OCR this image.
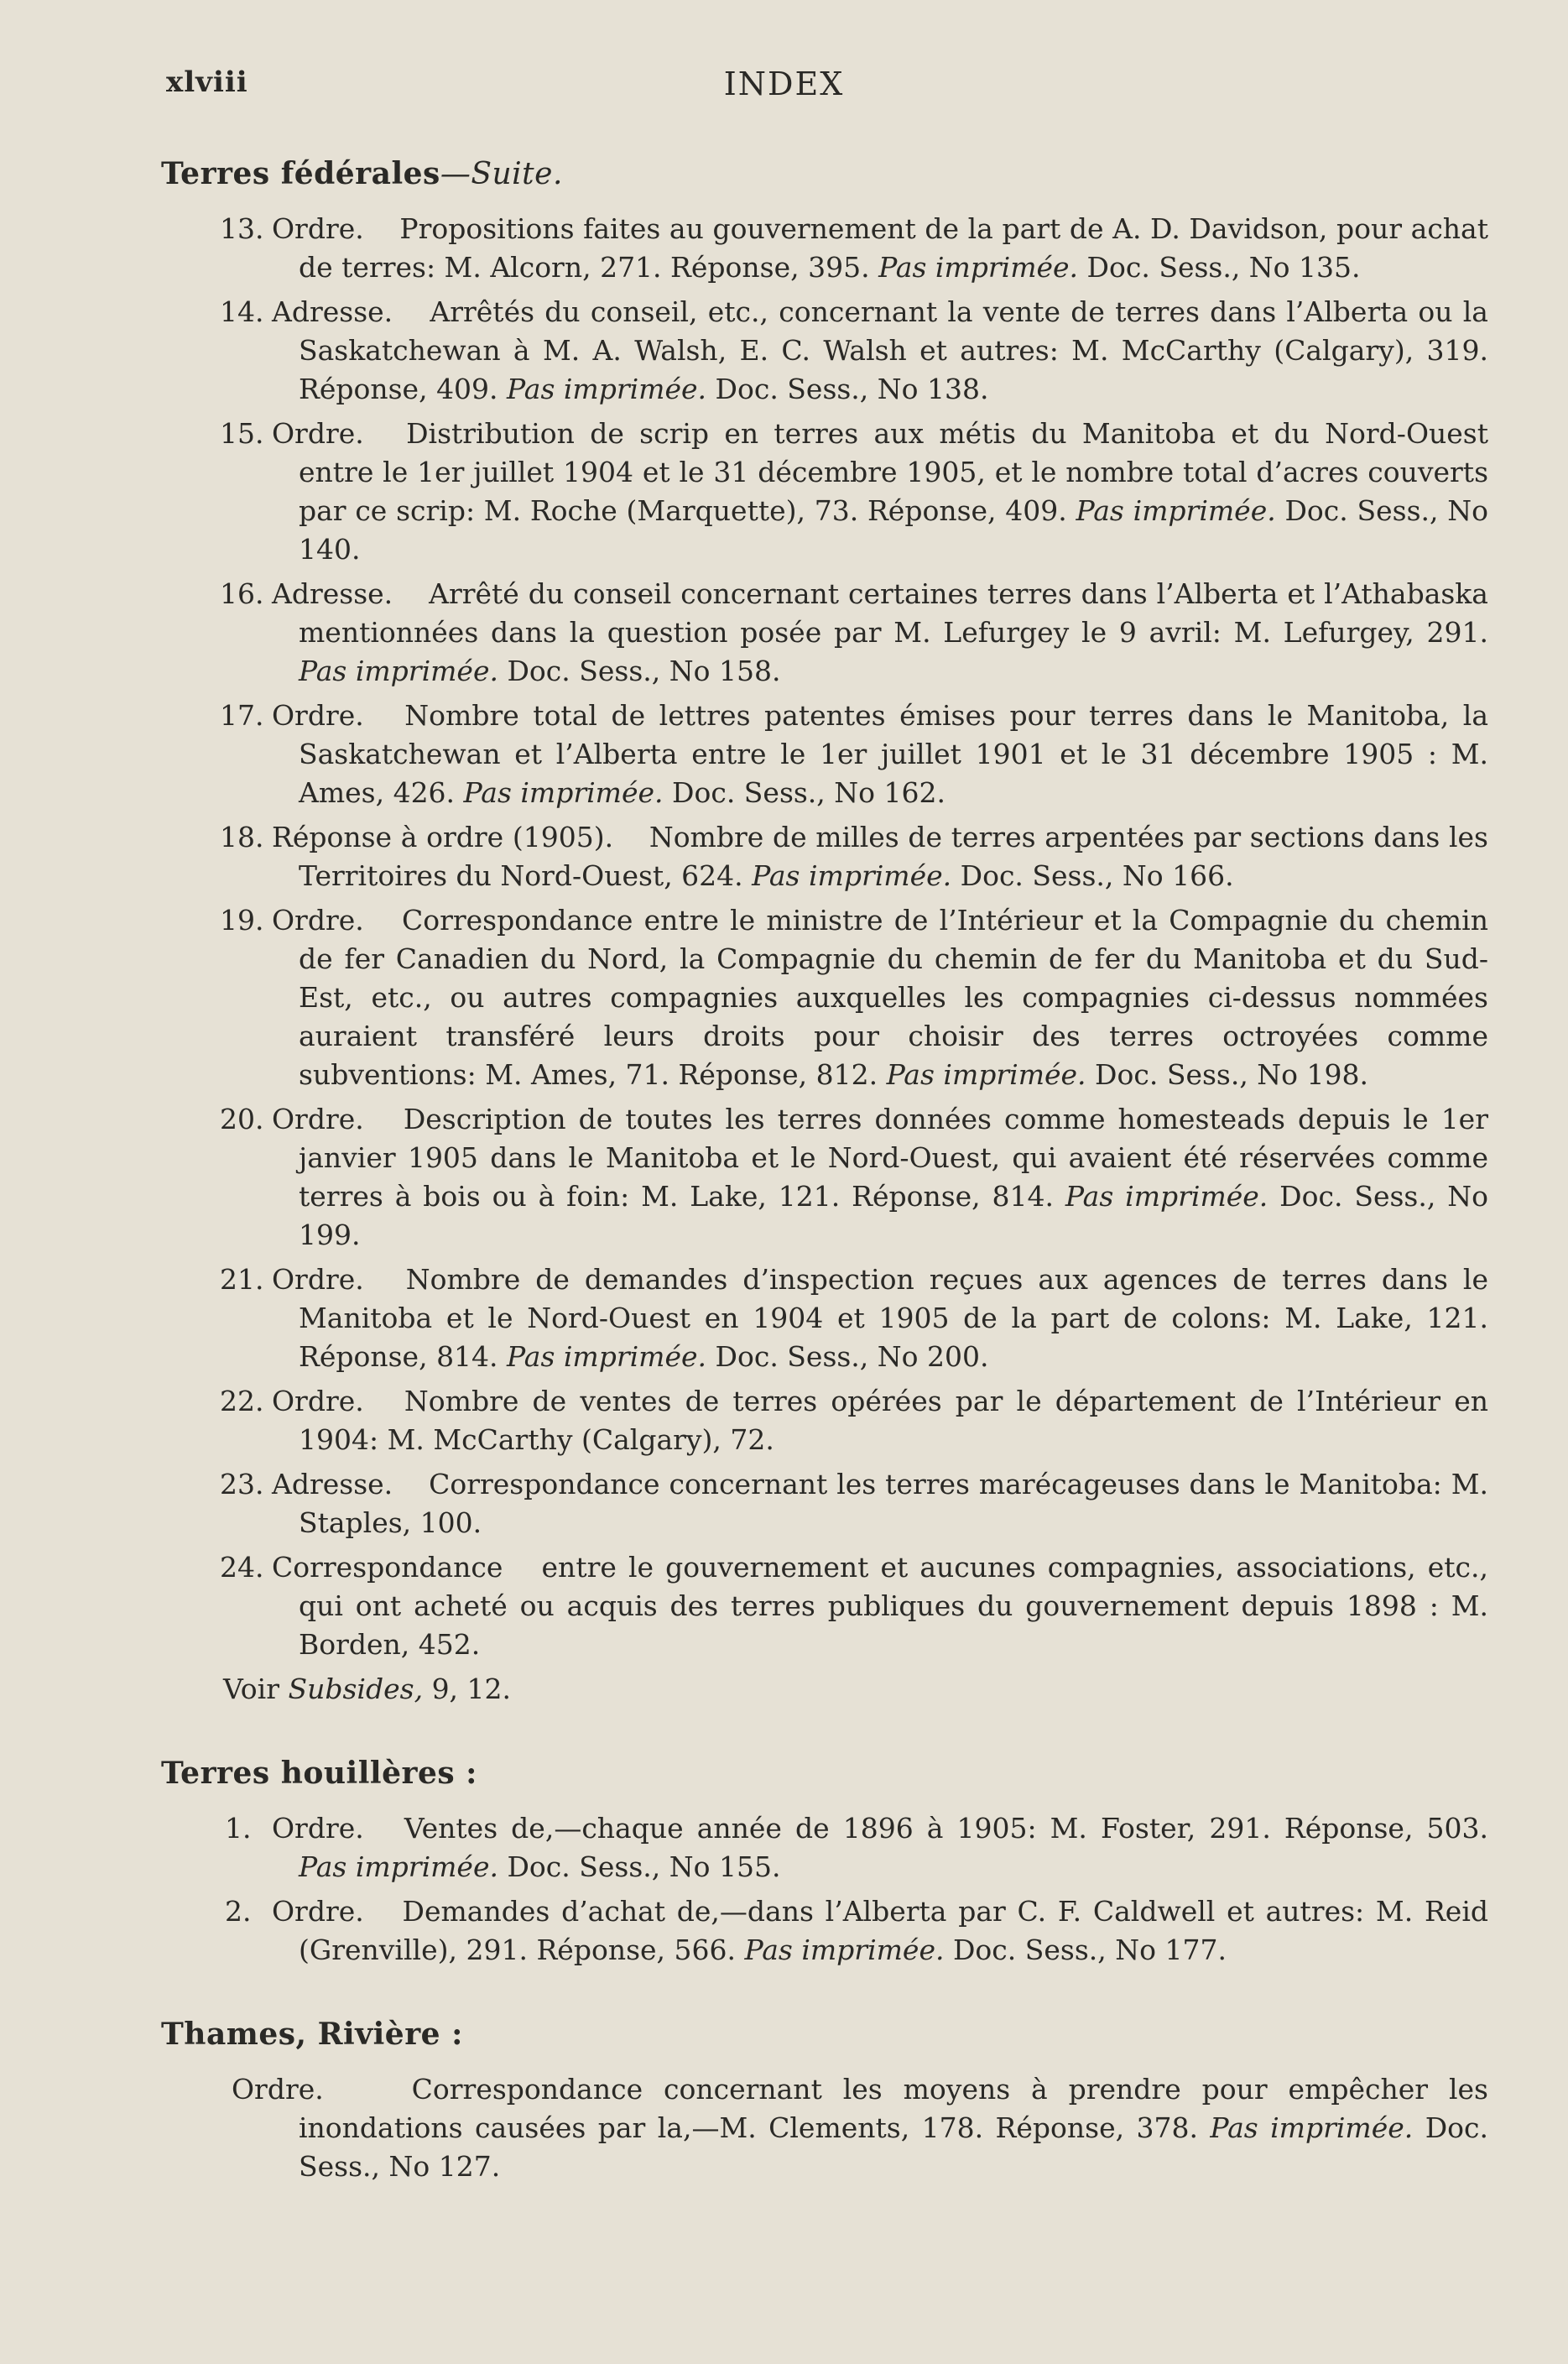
INDEX
xlviii
Terres fédérales—Suite.
13. Ordre. Propositions faites au gouvernement de la part de A. D. Davidson, pour achat de terres: M. Alcorn, 271. Réponse, 395. Pas imprimée. Doc. Sess., No 135.
14. Adresse. Arrêtés du conseil, etc., concernant la vente de terres dans l’Alberta ou la Saskatchewan à M. A. Walsh, E. C. Walsh et autres: M. McCarthy (Calgary), 319. Réponse, 409. Pas imprimée. Doc. Sess., No 138.
15. Ordre. Distribution de scrip en terres aux métis du Manitoba et du Nord-Ouest entre le 1er juillet 1904 et le 31 décembre 1905, et le nombre total d’acres couverts par ce scrip: M. Roche (Marquette), 73. Réponse, 409. Pas imprimée. Doc. Sess., No 140.
16. Adresse. Arrêté du conseil concernant certaines terres dans l’Alberta et l’Athabaska mentionnées dans la question posée par M. Lefurgey le 9 avril: M. Lefurgey, 291. Pas imprimée. Doc. Sess., No 158.
17. Ordre. Nombre total de lettres patentes émises pour terres dans le Manitoba, la Saskatchewan et l’Alberta entre le 1er juillet 1901 et le 31 décembre 1905 : M. Ames, 426. Pas imprimée. Doc. Sess., No 162.
18. Réponse à ordre (1905). Nombre de milles de terres arpentées par sections dans les Territoires du Nord-Ouest, 624. Pas imprimée. Doc. Sess., No 166.
19. Ordre. Correspondance entre le ministre de l’Intérieur et la Compagnie du chemin de fer Canadien du Nord, la Compagnie du chemin de fer du Manitoba et du Sud-Est, etc., ou autres compagnies auxquelles les compagnies ci-dessus nommées auraient transféré leurs droits pour choisir des terres octroyées comme subventions: M. Ames, 71. Réponse, 812. Pas imprimée. Doc. Sess., No 198.
20. Ordre. Description de toutes les terres données comme homesteads depuis le 1er janvier 1905 dans le Manitoba et le Nord-Ouest, qui avaient été réservées comme terres à bois ou à foin: M. Lake, 121. Réponse, 814. Pas imprimée. Doc. Sess., No 199.
21. Ordre. Nombre de demandes d’inspection reçues aux agences de terres dans le Manitoba et le Nord-Ouest en 1904 et 1905 de la part de colons: M. Lake, 121. Réponse, 814. Pas imprimée. Doc. Sess., No 200.
22. Ordre. Nombre de ventes de terres opérées par le département de l’Intérieur en 1904: M. McCarthy (Calgary), 72.
23. Adresse. Correspondance concernant les terres marécageuses dans le Manitoba: M. Staples, 100.
24. Correspondance entre le gouvernement et aucunes compagnies, associations, etc., qui ont acheté ou acquis des terres publiques du gouvernement depuis 1898 : M. Borden, 452.
Voir Subsides, 9, 12.
Terres houillères :
1. Ordre. Ventes de,—chaque année de 1896 à 1905: M. Foster, 291. Réponse, 503. Pas imprimée. Doc. Sess., No 155.
2. Ordre. Demandes d’achat de,—dans l’Alberta par C. F. Caldwell et autres: M. Reid (Grenville), 291. Réponse, 566. Pas imprimée. Doc. Sess., No 177.
Thames, Rivière :
Ordre.	Correspondance concernant les moyens à prendre pour empêcher les inondations causées par la,—M. Clements, 178. Réponse, 378. Pas imprimée. Doc. Sess., No 127.
